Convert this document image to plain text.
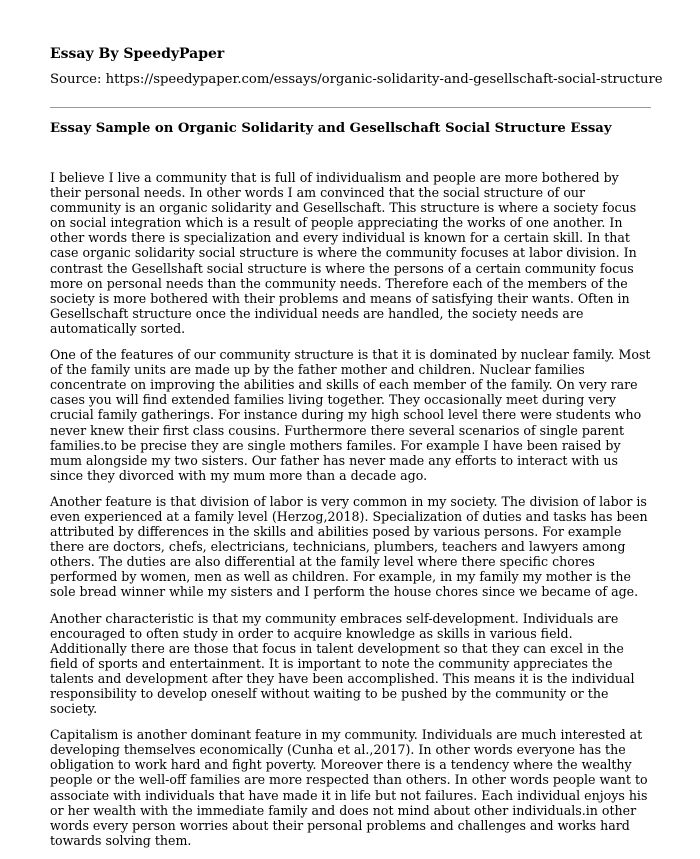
Essay By SpeedyPaper
Source: https://speedypaper.com/essays/organic-solidarity-and-gesellschaft-social-structure
Essay Sample on Organic Solidarity and Gesellschaft Social Structure Essay

I believe I live a community that is full of individualism and people are more bothered by their personal needs. In other words I am convinced that the social structure of our community is an organic solidarity and Gesellschaft. This structure is where a society focus on social integration which is a result of people appreciating the works of one another. In other words there is specialization and every individual is known for a certain skill. In that case organic solidarity social structure is where the community focuses at labor division. In contrast the Gesellshaft social structure is where the persons of a certain community focus more on personal needs than the community needs. Therefore each of the members of the society is more bothered with their problems and means of satisfying their wants. Often in Gesellschaft structure once the individual needs are handled, the society needs are automatically sorted.

One of the features of our community structure is that it is dominated by nuclear family. Most of the family units are made up by the father mother and children. Nuclear families concentrate on improving the abilities and skills of each member of the family. On very rare cases you will find extended families living together. They occasionally meet during very crucial family gatherings. For instance during my high school level there were students who never knew their first class cousins. Furthermore there several scenarios of single parent families.to be precise they are single mothers familes. For example I have been raised by mum alongside my two sisters. Our father has never made any efforts to interact with us since they divorced with my mum more than a decade ago.

Another feature is that division of labor is very common in my society. The division of labor is even experienced at a family level (Herzog,2018). Specialization of duties and tasks has been attributed by differences in the skills and abilities posed by various persons. For example there are doctors, chefs, electricians, technicians, plumbers, teachers and lawyers among others. The duties are also differential at the family level where there specific chores performed by women, men as well as children. For example, in my family my mother is the sole bread winner while my sisters and I perform the house chores since we became of age.

Another characteristic is that my community embraces self-development. Individuals are encouraged to often study in order to acquire knowledge as skills in various field. Additionally there are those that focus in talent development so that they can excel in the field of sports and entertainment. It is important to note the community appreciates the talents and development after they have been accomplished. This means it is the individual responsibility to develop oneself without waiting to be pushed by the community or the society.

Capitalism is another dominant feature in my community. Individuals are much interested at developing themselves economically (Cunha et al.,2017). In other words everyone has the obligation to work hard and fight poverty. Moreover there is a tendency where the wealthy people or the well-off families are more respected than others. In other words people want to associate with individuals that have made it in life but not failures. Each individual enjoys his or her wealth with the immediate family and does not mind about other individuals.in other words every person worries about their personal problems and challenges and works hard towards solving them.
